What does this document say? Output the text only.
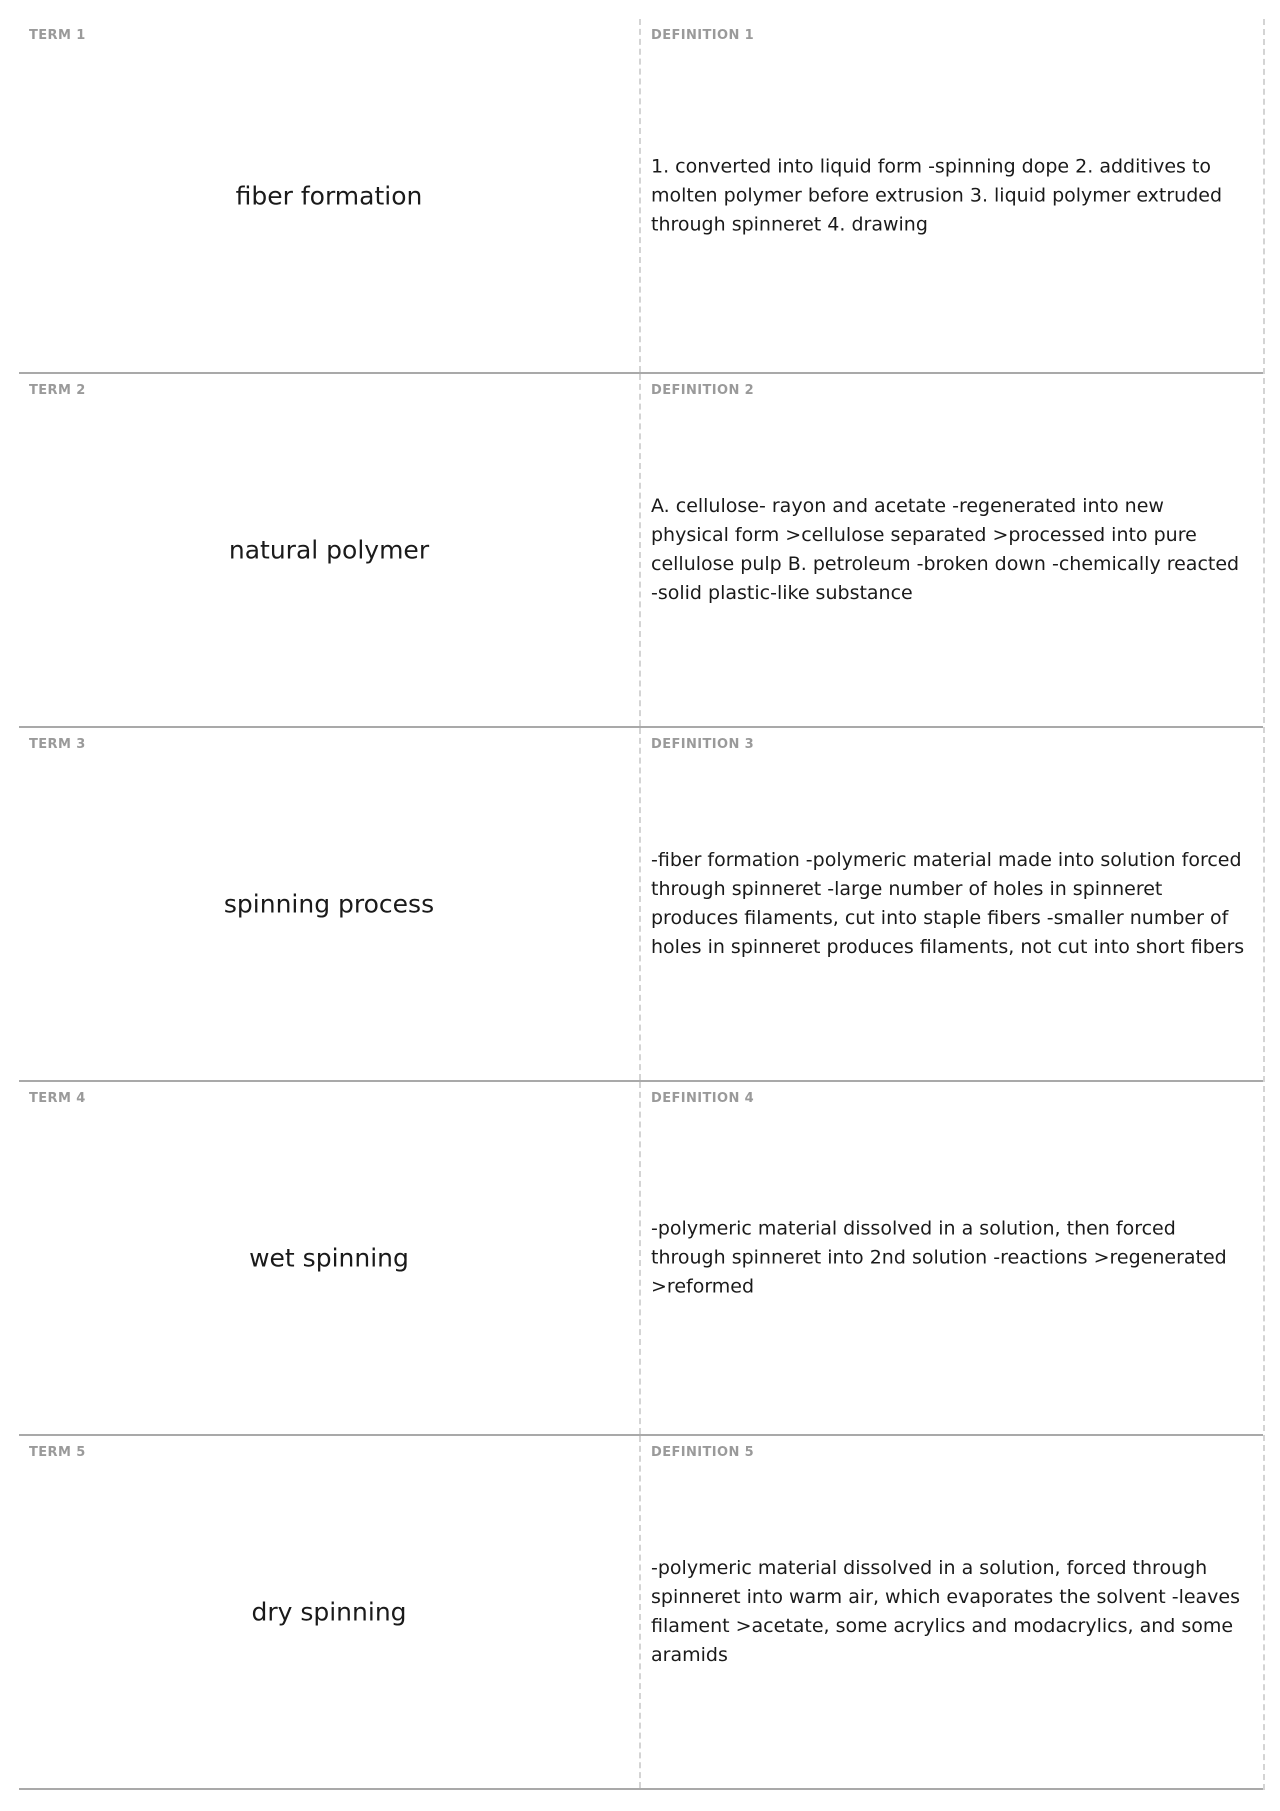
TERM 1
fiber formation
DEFINITION 1
1. converted into liquid form -spinning dope 2. additives to molten polymer before extrusion 3. liquid polymer extruded through spinneret 4. drawing
TERM 2
natural polymer
DEFINITION 2
A. cellulose- rayon and acetate -regenerated into new physical form >cellulose separated >processed into pure cellulose pulp B. petroleum -broken down -chemically reacted -solid plastic-like substance
TERM 3
spinning process
DEFINITION 3
-fiber formation -polymeric material made into solution forced through spinneret -large number of holes in spinneret produces filaments, cut into staple fibers -smaller number of holes in spinneret produces filaments, not cut into short fibers
TERM 4
wet spinning
DEFINITION 4
-polymeric material dissolved in a solution, then forced through spinneret into 2nd solution -reactions >regenerated >reformed
TERM 5
dry spinning
DEFINITION 5
-polymeric material dissolved in a solution, forced through spinneret into warm air, which evaporates the solvent -leaves filament >acetate, some acrylics and modacrylics, and some aramids
